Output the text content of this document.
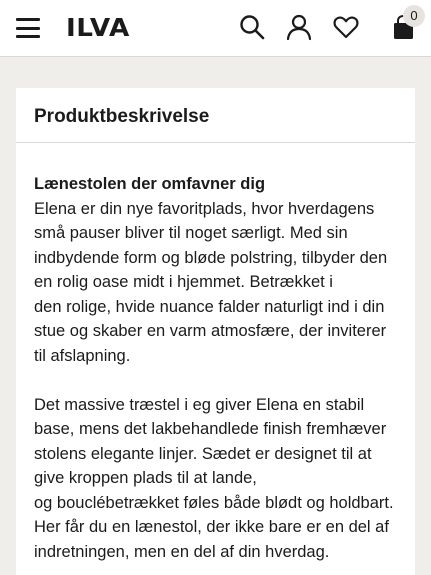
ILVA	0
Produktbeskrivelse

Lænestolen der omfavner dig
Elena er din nye favoritplads, hvor hverdagens
små pauser bliver til noget særligt. Med sin
indbydende form og bløde polstring, tilbyder den
en rolig oase midt i hjemmet. Betrækket i
den rolige, hvide nuance falder naturligt ind i din
stue og skaber en varm atmosfære, der inviterer
til afslapning.

Det massive træstel i eg giver Elena en stabil
base, mens det lakbehandlede finish fremhæver
stolens elegante linjer. Sædet er designet til at
give kroppen plads til at lande,
og bouclébetrækket føles både blødt og holdbart.
Her får du en lænestol, der ikke bare er en del af
indretningen, men en del af din hverdag.
